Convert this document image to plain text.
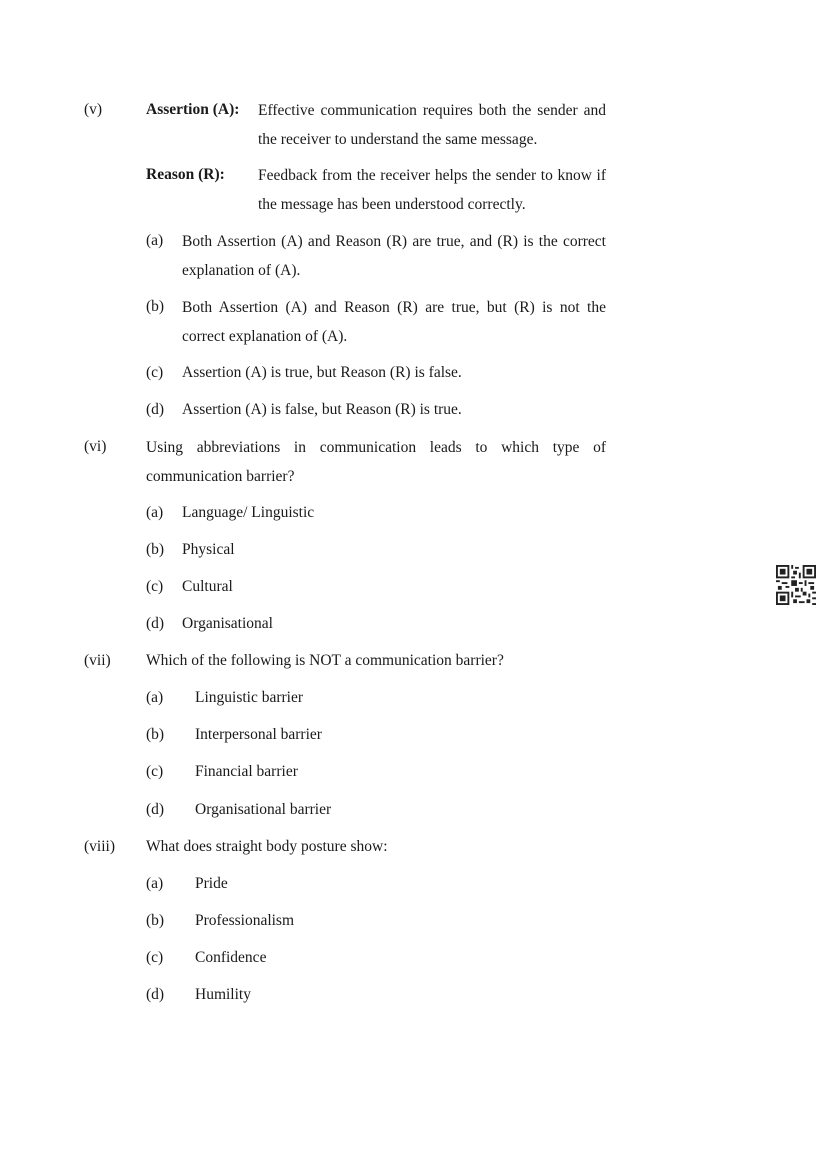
(v)	Assertion (A): Effective communication requires both the sender and the receiver to understand the same message.
Reason (R): Feedback from the receiver helps the sender to know if the message has been understood correctly.
(a) Both Assertion (A) and Reason (R) are true, and (R) is the correct explanation of (A).
(b) Both Assertion (A) and Reason (R) are true, but (R) is not the correct explanation of (A).
(c) Assertion (A) is true, but Reason (R) is false.
(d) Assertion (A) is false, but Reason (R) is true.
(vi)	Using abbreviations in communication leads to which type of communication barrier?
(a) Language/ Linguistic
(b) Physical
(c) Cultural
(d) Organisational
(vii) Which of the following is NOT a communication barrier?
(a) Linguistic barrier
(b) Interpersonal barrier
(c) Financial barrier
(d) Organisational barrier
(viii) What does straight body posture show:
(a) Pride
(b) Professionalism
(c) Confidence
(d) Humility
